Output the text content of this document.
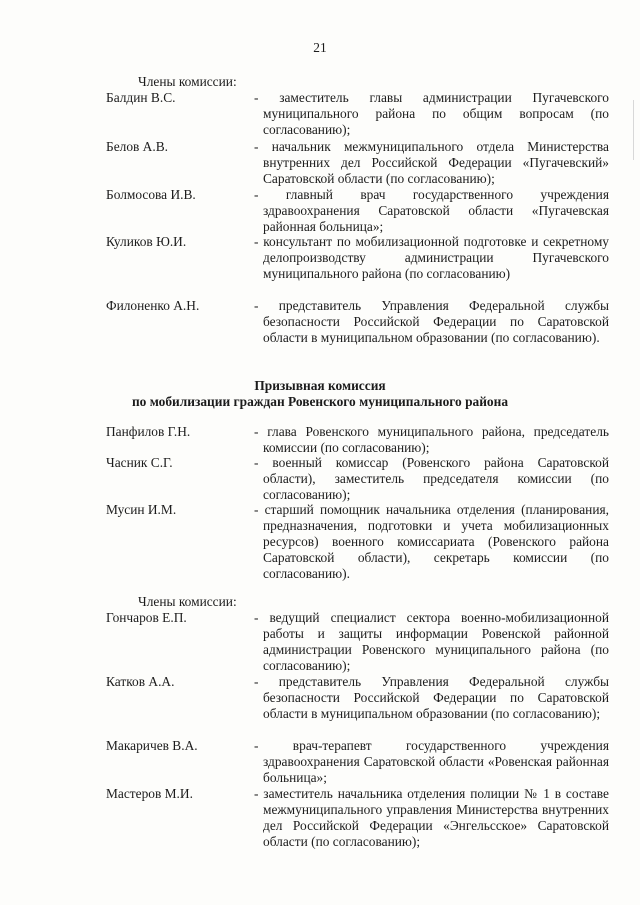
21
Члены комиссии:
Балдин В.С.	- заместитель главы администрации Пугачевского муниципального района по общим вопросам (по согласованию);
Белов А.В.	- начальник межмуниципального отдела Министерства внутренних дел Российской Федерации «Пугачевский» Саратовской области (по согласованию);
Болмосова И.В.	- главный врач государственного учреждения здравоохранения Саратовской области «Пугачевская районная больница»;
Куликов Ю.И.	- консультант по мобилизационной подготовке и секретному делопроизводству администрации Пугачевского муниципального района (по согласованию)
Филоненко А.Н.	- представитель Управления Федеральной службы безопасности Российской Федерации по Саратовской области в муниципальном образовании (по согласованию).
Призывная комиссия
по мобилизации граждан Ровенского муниципального района
Панфилов Г.Н.	- глава Ровенского муниципального района, председатель комиссии (по согласованию);
Часник С.Г.	- военный комиссар (Ровенского района Саратовской области), заместитель председателя комиссии (по согласованию);
Мусин И.М.	- старший помощник начальника отделения (планирования, предназначения, подготовки и учета мобилизационных ресурсов) военного комиссариата (Ровенского района Саратовской области), секретарь комиссии (по согласованию).
Члены комиссии:
Гончаров Е.П.	- ведущий специалист сектора военно-мобилизационной работы и защиты информации Ровенской районной администрации Ровенского муниципального района (по согласованию);
Катков А.А.	- представитель Управления Федеральной службы безопасности Российской Федерации по Саратовской области в муниципальном образовании (по согласованию);
Макаричев В.А.	- врач-терапевт государственного учреждения здравоохранения Саратовской области «Ровенская районная больница»;
Мастеров М.И.	- заместитель начальника отделения полиции № 1 в составе межмуниципального управления Министерства внутренних дел Российской Федерации «Энгельсское» Саратовской области (по согласованию);
